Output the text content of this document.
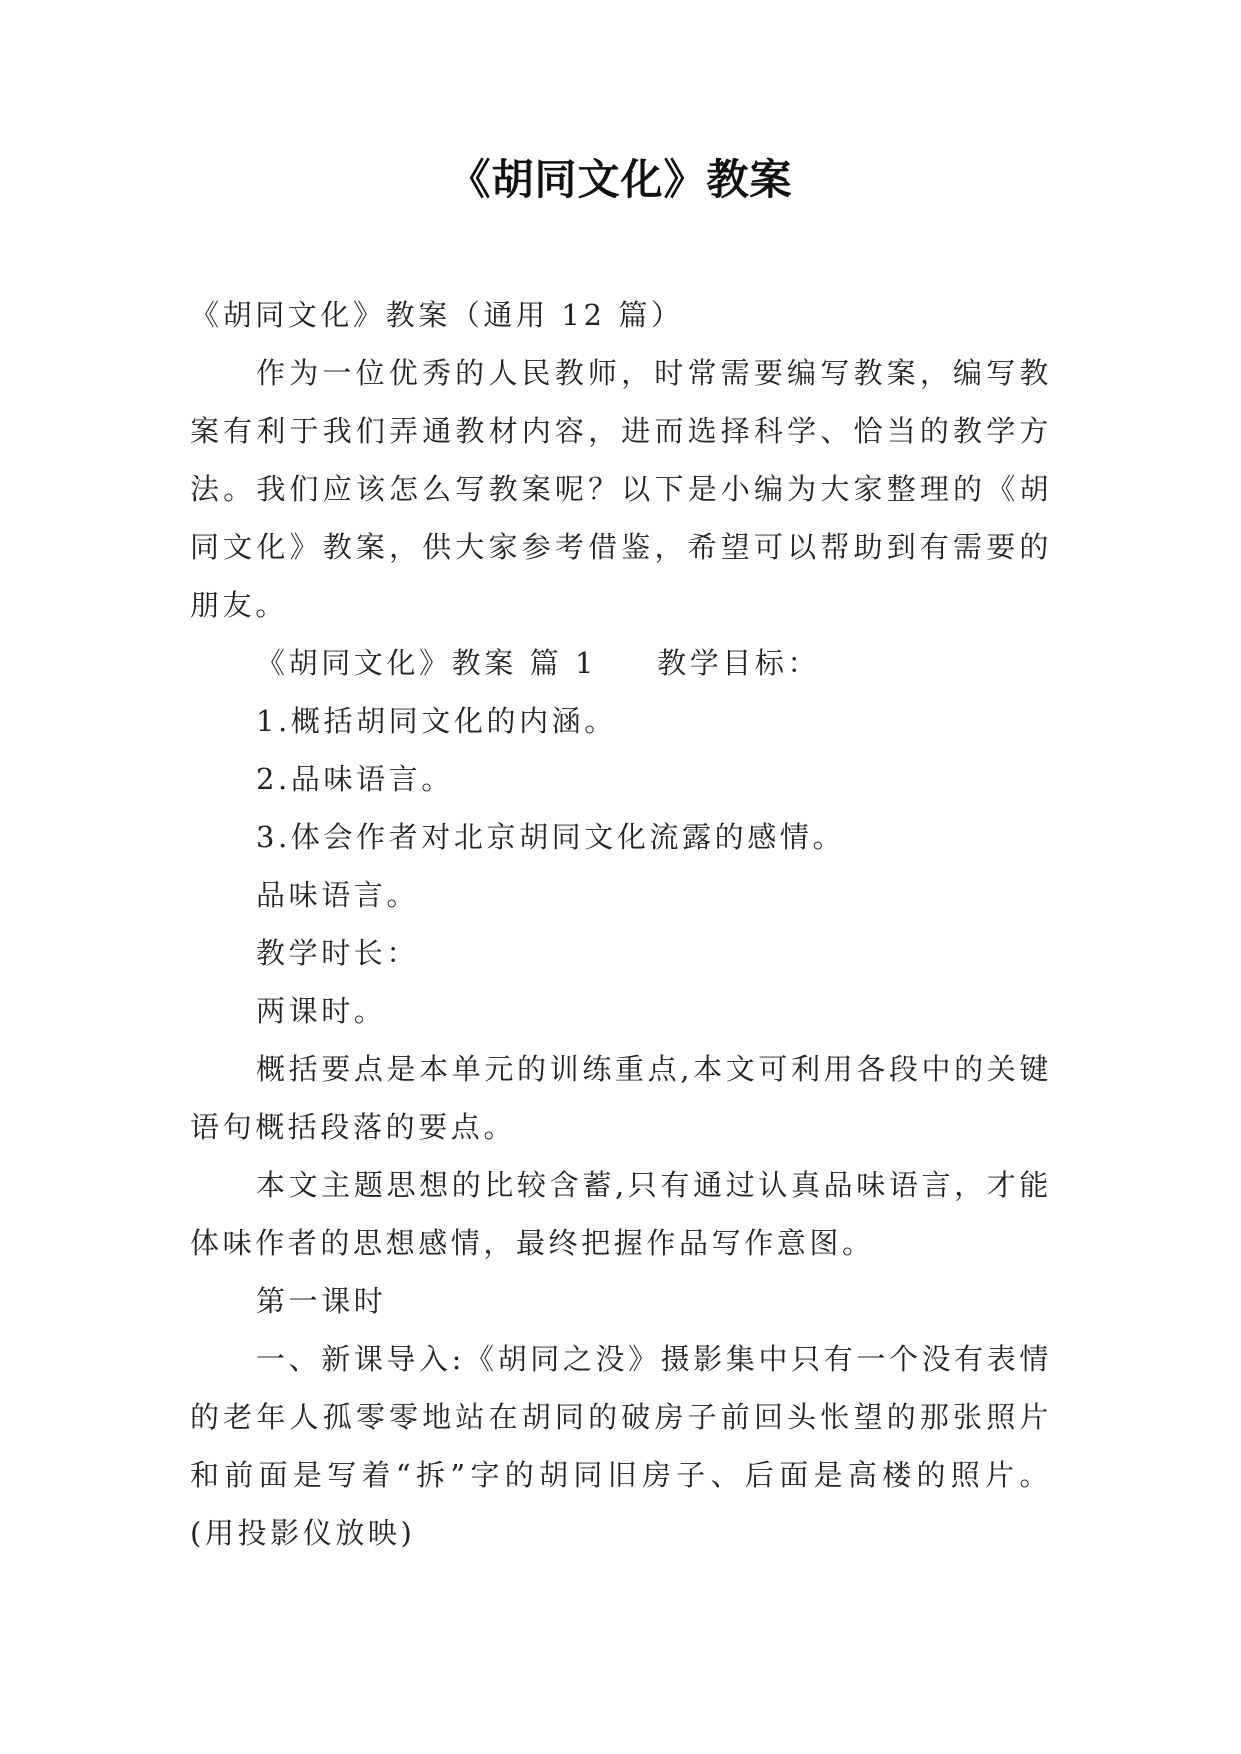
《胡同文化》教案

《胡同文化》教案（通用 12 篇）

作为一位优秀的人民教师，时常需要编写教案，编写教案有利于我们弄通教材内容，进而选择科学、恰当的教学方法。我们应该怎么写教案呢？以下是小编为大家整理的《胡同文化》教案，供大家参考借鉴，希望可以帮助到有需要的朋友。

《胡同文化》教案 篇 1 教学目标：

1.概括胡同文化的内涵。

2.品味语言。

3.体会作者对北京胡同文化流露的感情。

品味语言。

教学时长：

两课时。

概括要点是本单元的训练重点,本文可利用各段中的关键语句概括段落的要点。

本文主题思想的比较含蓄,只有通过认真品味语言，才能体味作者的思想感情，最终把握作品写作意图。

第一课时

一、新课导入:《胡同之没》摄影集中只有一个没有表情的老年人孤零零地站在胡同的破房子前回头怅望的那张照片和前面是写着“拆”字的胡同旧房子、后面是高楼的照片。(用投影仪放映)
